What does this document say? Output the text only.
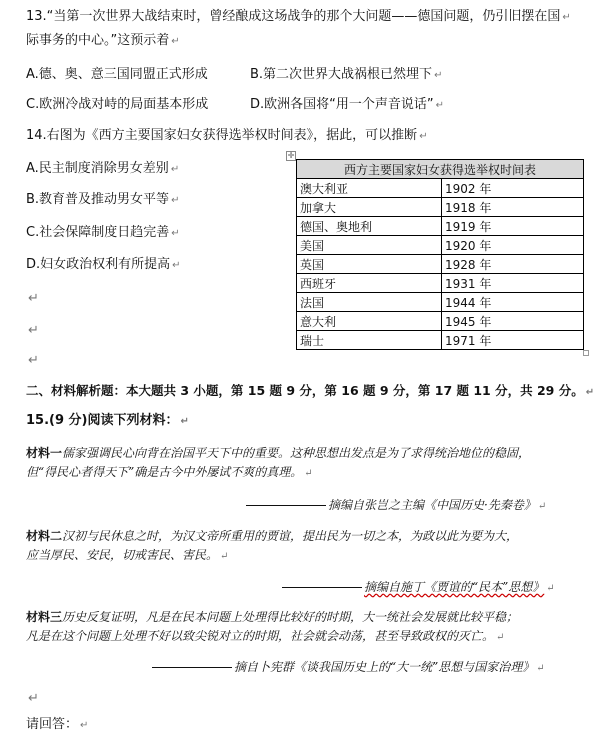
13.“当第一次世界大战结束时，曾经酿成这场战争的那个大问题——德国问题，仍引旧摆在国 ↵
际事务的中心。”这预示着 ↵
A.德、奥、意三国同盟正式形成	B.第二次世界大战祸根已然埋下 ↵
C.欧洲冷战对峙的局面基本形成	D.欧洲各国将“用一个声音说话” ↵
14.右图为《西方主要国家妇女获得选举权时间表》，据此，可以推断 ↵
A.民主制度消除男女差别 ↵
B.教育普及推动男女平等 ↵
C.社会保障制度日趋完善 ↵
D.妇女政治权利有所提高 ↵
↵
↵
↵
✛
西方主要国家妇女获得选举权时间表	
澳大利亚	1902 年
加拿大	1918 年
德国、奥地利	1919 年
美国	1920 年
英国	1928 年
西班牙	1931 年
法国	1944 年
意大利	1945 年
瑞士	1971 年
二、材料解析题：本大题共 3 小题，第 15 题 9 分，第 16 题 9 分，第 17 题 11 分，共 29 分。 ↵
15.(9 分)阅读下列材料： ↵
材料一儒家强调民心向背在治国平天下中的重要。这种思想出发点是为了求得统治地位的稳固，
但“得民心者得天下”确是古今中外屡试不爽的真理。 ↵
摘编自张岂之主编《中国历史·先秦卷》 ↵
材料二汉初与民休息之时，为汉文帝所重用的贾谊，提出民为一切之本，为政以此为要为大，
应当厚民、安民，切戒害民、害民。 ↵
摘编自施丁《贾谊的“民本”思想》 ↵
材料三历史反复证明，凡是在民本问题上处理得比较好的时期，大一统社会发展就比较平稳；
凡是在这个问题上处理不好以致尖锐对立的时期，社会就会动荡，甚至导致政权的灭亡。 ↵
摘自卜宪群《谈我国历史上的“大一统”思想与国家治理》 ↵
↵
请回答： ↵
